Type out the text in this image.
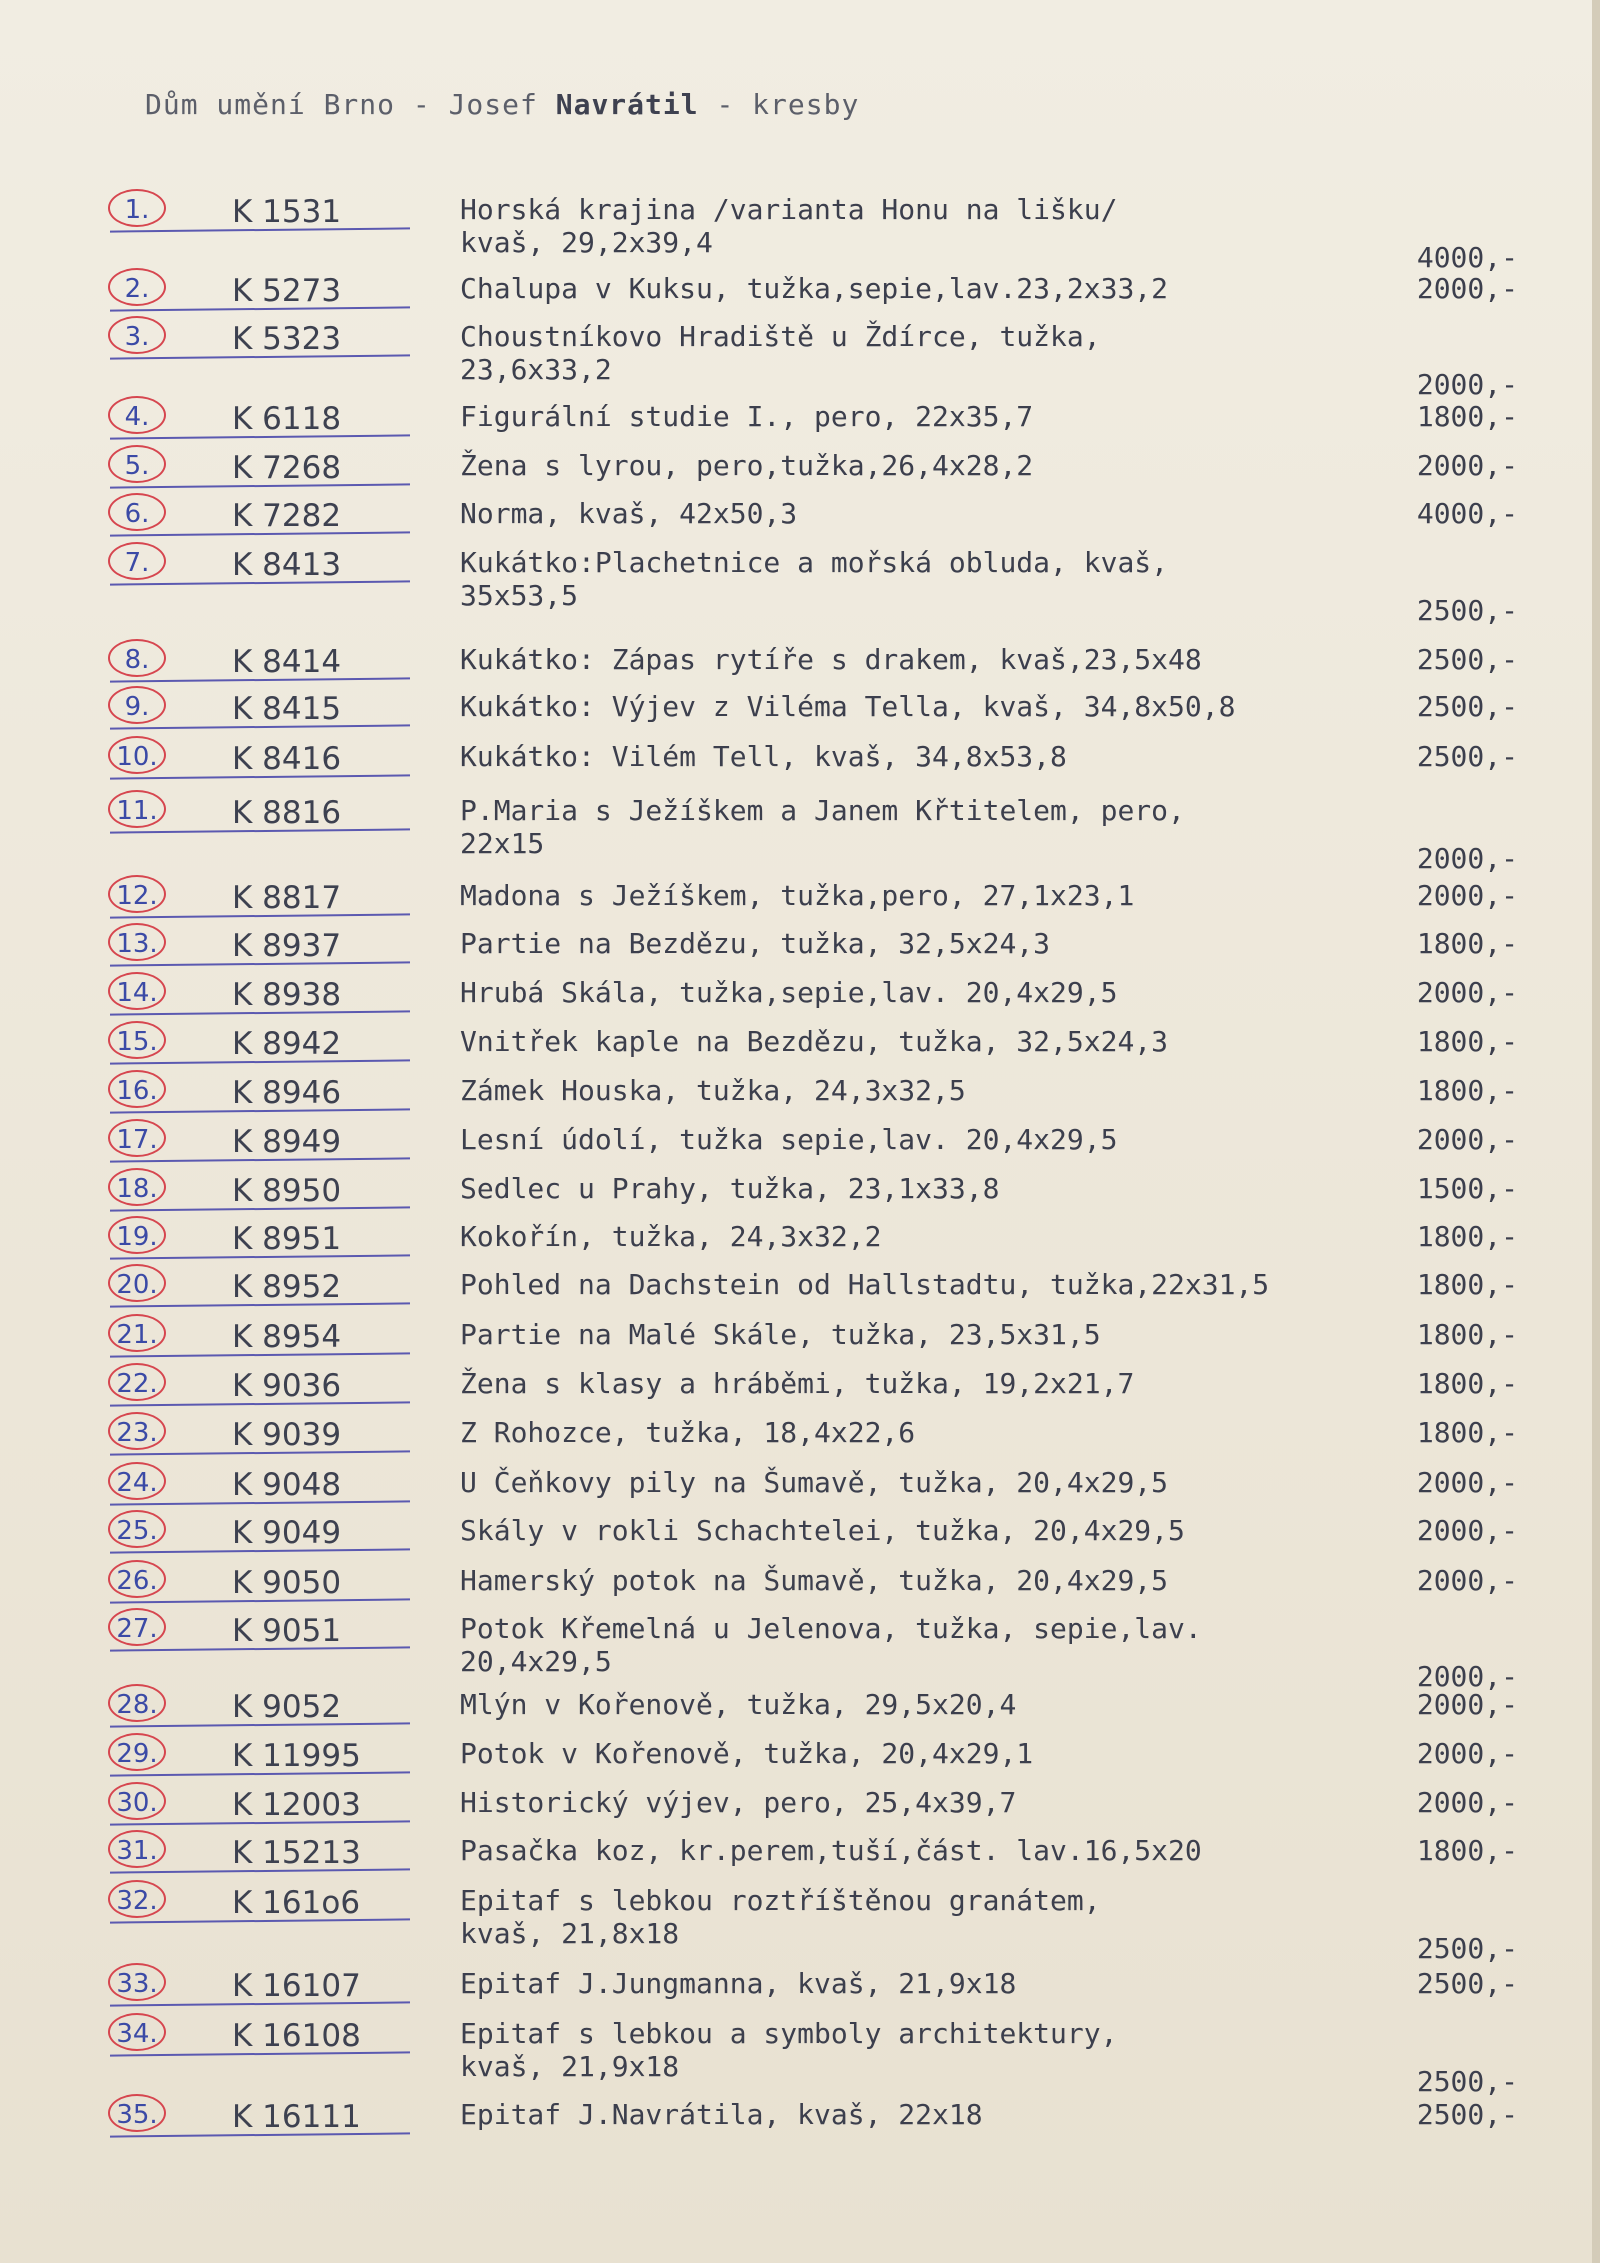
Dům umění Brno - Josef Navrátil - kresby
1.	K 1531	Horská krajina /varianta Honu na lišku/
kvaš, 29,2x39,4	4000,-
2.	K 5273	Chalupa v Kuksu, tužka,sepie,lav.23,2x33,2	2000,-
3.	K 5323	Choustníkovo Hradiště u Ždírce, tužka,
23,6x33,2	2000,-
4.	K 6118	Figurální studie I., pero, 22x35,7	1800,-
5.	K 7268	Žena s lyrou, pero,tužka,26,4x28,2	2000,-
6.	K 7282	Norma, kvaš, 42x50,3	4000,-
7.	K 8413	Kukátko:Plachetnice a mořská obluda, kvaš,
35x53,5	2500,-
8.	K 8414	Kukátko: Zápas rytíře s drakem, kvaš,23,5x48	2500,-
9.	K 8415	Kukátko: Výjev z Viléma Tella, kvaš, 34,8x50,8	2500,-
10. K 8416	Kukátko: Vilém Tell, kvaš, 34,8x53,8	2500,-
11. K 8816	P.Maria s Ježíškem a Janem Křtitelem, pero,
22x15	2000,-
12. K 8817	Madona s Ježíškem, tužka,pero, 27,1x23,1	2000,-
13. K 8937	Partie na Bezdězu, tužka, 32,5x24,3	1800,-
14. K 8938	Hrubá Skála, tužka,sepie,lav. 20,4x29,5	2000,-
15. K 8942	Vnitřek kaple na Bezdězu, tužka, 32,5x24,3	1800,-
16. K 8946	Zámek Houska, tužka, 24,3x32,5	1800,-
17. K 8949	Lesní údolí, tužka sepie,lav. 20,4x29,5	2000,-
18. K 8950	Sedlec u Prahy, tužka, 23,1x33,8	1500,-
19. K 8951	Kokořín, tužka, 24,3x32,2	1800,-
20. K 8952	Pohled na Dachstein od Hallstadtu, tužka,22x31,5	1800,-
21. K 8954	Partie na Malé Skále, tužka, 23,5x31,5	1800,-
22. K 9036	Žena s klasy a hráběmi, tužka, 19,2x21,7	1800,-
23. K 9039	Z Rohozce, tužka, 18,4x22,6	1800,-
24. K 9048	U Čeňkovy pily na Šumavě, tužka, 20,4x29,5	2000,-
25. K 9049	Skály v rokli Schachtelei, tužka, 20,4x29,5	2000,-
26. K 9050	Hamerský potok na Šumavě, tužka, 20,4x29,5	2000,-
27. K 9051	Potok Křemelná u Jelenova, tužka, sepie,lav.
20,4x29,5	2000,-
28. K 9052	Mlýn v Kořenově, tužka, 29,5x20,4	2000,-
29. K 11995	Potok v Kořenově, tužka, 20,4x29,1	2000,-
30. K 12003	Historický výjev, pero, 25,4x39,7	2000,-
31. K 15213	Pasačka koz, kr.perem,tuší,část. lav.16,5x20	1800,-
32. K 161o6	Epitaf s lebkou roztříštěnou granátem,
kvaš, 21,8x18	2500,-
33. K 16107	Epitaf J.Jungmanna, kvaš, 21,9x18	2500,-
34. K 16108	Epitaf s lebkou a symboly architektury,
kvaš, 21,9x18	2500,-
35. K 16111	Epitaf J.Navrátila, kvaš, 22x18	2500,-
